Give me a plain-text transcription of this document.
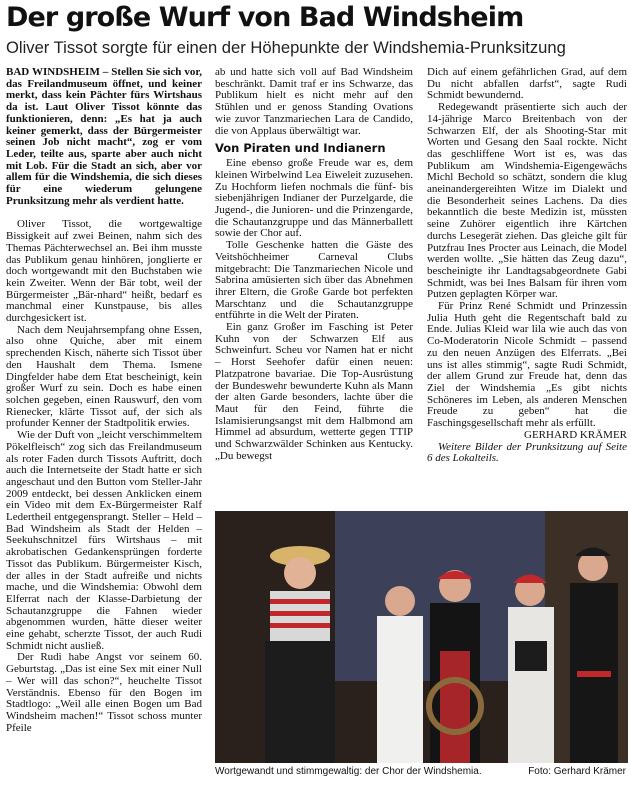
Der große Wurf von Bad Windsheim
Oliver Tissot sorgte für einen der Höhepunkte der Windshemia-Prunksitzung

BAD WINDSHEIM – Stellen Sie sich vor, das Freilandmuseum öffnet, und keiner merkt, dass kein Pächter fürs Wirtshaus da ist. Laut Oliver Tissot könnte das funktionieren, denn: „Es hat ja auch keiner gemerkt, dass der Bürgermeister seinen Job nicht macht“, zog er vom Leder, teilte aus, sparte aber auch nicht mit Lob. Für die Stadt an sich, aber vor allem für die Windshemia, die sich dieses für eine wiederum gelungene Prunksitzung mehr als verdient hatte.

Oliver Tissot, die wortgewaltige Bissigkeit auf zwei Beinen, nahm sich des Themas Pächterwechsel an. Bei ihm musste das Publikum genau hinhören, jonglierte er doch wortgewandt mit den Buchstaben wie kein Zweiter. Wenn der Bär tobt, weil der Bürgermeister „Bär-nhard“ heißt, bedarf es manchmal einer Kunstpause, bis alles durchgesickert ist.

Nach dem Neujahrsempfang ohne Essen, also ohne Quiche, aber mit einem sprechenden Kisch, näherte sich Tissot über den Haushalt dem Thema. Ismene Dingfelder habe dem Etat bescheinigt, kein großer Wurf zu sein. Doch es habe einen solchen gegeben, einen Rauswurf, den vom Rienecker, klärte Tissot auf, der sich als profunder Kenner der Stadtpolitik erwies.

Wie der Duft von „leicht verschimmeltem Pökelfleisch“ zog sich das Freilandmuseum als roter Faden durch Tissots Auftritt, doch auch die Internetseite der Stadt hatte er sich angeschaut und den Button vom Steller-Jahr 2009 entdeckt, bei dessen Anklicken einem ein Video mit dem Ex-Bürgermeister Ralf Ledertheil entgegensprangt. Steller – Held – Bad Windsheim als Stadt der Helden – Seekuhschnitzel fürs Wirtshaus – mit akrobatischen Gedankensprüngen forderte Tissot das Publikum. Bürgermeister Kisch, der alles in der Stadt aufreiße und nichts mache, und die Windshemia: Obwohl dem Elferrat nach der Klasse-Darbietung der Schautanzgruppe die Fahnen wieder abgenommen wurden, hätte dieser weiter eine gehabt, scherzte Tissot, der auch Rudi Schmidt nicht ausließ.

Der Rudi habe Angst vor seinem 60. Geburtstag. „Das ist eine Sex mit einer Null – Wer will das schon?“, heuchelte Tissot Verständnis. Ebenso für den Bogen im Stadtlogo: „Weil alle einen Bogen um Bad Windsheim machen!“ Tissot schoss munter Pfeile

ab und hatte sich voll auf Bad Windsheim beschränkt. Damit traf er ins Schwarze, das Publikum hielt es nicht mehr auf den Stühlen und er genoss Standing Ovations wie zuvor Tanzmariechen Lara de Candido, die von Applaus überwältigt war.

Von Piraten und Indianern

Eine ebenso große Freude war es, dem kleinen Wirbelwind Lea Eiweleit zuzusehen. Zu Hochform liefen nochmals die fünf- bis siebenjährigen Indianer der Purzelgarde, die Jugend-, die Junioren- und die Prinzengarde, die Schautanzgruppe und das Männerballett sowie der Chor auf.

Tolle Geschenke hatten die Gäste des Veitshöchheimer Carneval Clubs mitgebracht: Die Tanzmariechen Nicole und Sabrina amüsierten sich über das Abnehmen ihrer Eltern, die Große Garde bot perfekten Marschtanz und die Schautanzgruppe entführte in die Welt der Piraten.

Ein ganz Großer im Fasching ist Peter Kuhn von der Schwarzen Elf aus Schweinfurt. Scheu vor Namen hat er nicht – Horst Seehofer dafür einen neuen: Platzpatrone bavariae. Die Top-Ausrüstung der Bundeswehr bewunderte Kuhn als Mann der alten Garde besonders, lachte über die Maut für den Feind, führte die Islamisierungsangst mit dem Halbmond am Himmel ad absurdum, wetterte gegen TTIP und Schwarzwälder Schinken aus Kentucky. „Du bewegst

Dich auf einem gefährlichen Grad, auf dem Du nicht abfallen darfst“, sagte Rudi Schmidt bewundernd.

Redegewandt präsentierte sich auch der 14-jährige Marco Breitenbach von der Schwarzen Elf, der als Shooting-Star mit Worten und Gesang den Saal rockte. Nicht das geschliffene Wort ist es, was das Publikum am Windshemia-Eigengewächs Michl Bechold so schätzt, sondern die klug aneinandergereihten Witze im Dialekt und die Besonderheit seines Lachens. Da dies bekanntlich die beste Medizin ist, müssten seine Zuhörer eigentlich ihre Kärtchen durchs Lesegerät ziehen. Das gleiche gilt für Putzfrau Ines Procter aus Leinach, die Model werden wollte. „Sie hätten das Zeug dazu“, bescheinigte ihr Landtagsabgeordnete Gabi Schmidt, was bei Ines Balsam für ihren vom Putzen geplagten Körper war.

Für Prinz René Schmidt und Prinzessin Julia Huth geht die Regentschaft bald zu Ende. Julias Kleid war lila wie auch das von Co-Moderatorin Nicole Schmidt – passend zu den neuen Anzügen des Elferrats. „Bei uns ist alles stimmig“, sagte Rudi Schmidt, der allem Grund zur Freude hat, denn das Ziel der Windshemia „Es gibt nichts Schöneres im Leben, als anderen Menschen Freude zu geben“ hat die Faschingsgesellschaft mehr als erfüllt.

GERHARD KRÄMER

Weitere Bilder der Prunksitzung auf Seite 6 des Lokalteils.

Wortgewandt und stimmgewaltig: der Chor der Windshemia.	Foto: Gerhard Krämer
